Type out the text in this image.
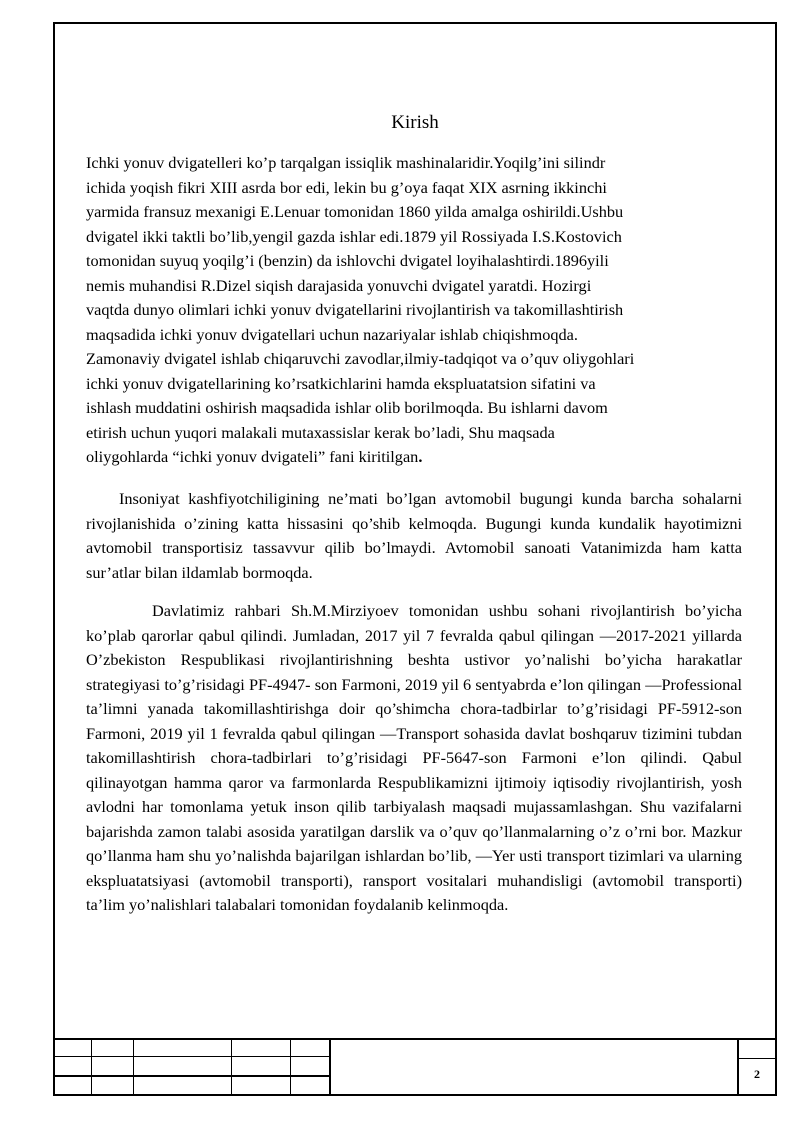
Kirish

Ichki yonuv dvigatelleri ko’p tarqalgan issiqlik mashinalaridir.Yoqilg’ini silindr
ichida yoqish fikri XIII asrda bor edi, lekin bu g’oya faqat XIX asrning ikkinchi
yarmida fransuz mexanigi E.Lenuar tomonidan 1860 yilda amalga oshirildi.Ushbu
dvigatel ikki taktli bo’lib,yengil gazda ishlar edi.1879 yil Rossiyada I.S.Kostovich
tomonidan suyuq yoqilg’i (benzin) da ishlovchi dvigatel loyihalashtirdi.1896yili
nemis muhandisi R.Dizel siqish darajasida yonuvchi dvigatel yaratdi. Hozirgi
vaqtda dunyo olimlari ichki yonuv dvigatellarini rivojlantirish va takomillashtirish
maqsadida ichki yonuv dvigatellari uchun nazariyalar ishlab chiqishmoqda.
Zamonaviy dvigatel ishlab chiqaruvchi zavodlar,ilmiy-tadqiqot va o’quv oliygohlari
ichki yonuv dvigatellarining ko’rsatkichlarini hamda ekspluatatsion sifatini va
ishlash muddatini oshirish maqsadida ishlar olib borilmoqda. Bu ishlarni davom
etirish uchun yuqori malakali mutaxassislar kerak bo’ladi, Shu maqsada
oliygohlarda “ichki yonuv dvigateli” fani kiritilgan.

Insoniyat kashfiyotchiligining ne’mati bo’lgan avtomobil bugungi kunda barcha sohalarni rivojlanishida o’zining katta hissasini qo’shib kelmoqda. Bugungi kunda kundalik hayotimizni avtomobil transportisiz tassavvur qilib bo’lmaydi. Avtomobil sanoati Vatanimizda ham katta sur’atlar bilan ildamlab bormoqda.

Davlatimiz rahbari Sh.M.Mirziyoev tomonidan ushbu sohani rivojlantirish bo’yicha ko’plab qarorlar qabul qilindi. Jumladan, 2017 yil 7 fevralda qabul qilingan ―2017-2021 yillarda O’zbekiston Respublikasi rivojlantirishning beshta ustivor yo’nalishi bo’yicha harakatlar strategiyasi to’g’risidagi PF-4947- son Farmoni, 2019 yil 6 sentyabrda e’lon qilingan ―Professional ta’limni yanada takomillashtirishga doir qo’shimcha chora-tadbirlar to’g’risidagi PF-5912-son Farmoni, 2019 yil 1 fevralda qabul qilingan ―Transport sohasida davlat boshqaruv tizimini tubdan takomillashtirish chora-tadbirlari to’g’risidagi PF-5647-son Farmoni e’lon qilindi. Qabul qilinayotgan hamma qaror va farmonlarda Respublikamizni ijtimoiy iqtisodiy rivojlantirish, yosh avlodni har tomonlama yetuk inson qilib tarbiyalash maqsadi mujassamlashgan. Shu vazifalarni bajarishda zamon talabi asosida yaratilgan darslik va o’quv qo’llanmalarning o’z o’rni bor. Mazkur qo’llanma ham shu yo’nalishda bajarilgan ishlardan bo’lib, ―Yer usti transport tizimlari va ularning ekspluatatsiyasi (avtomobil transporti), ransport vositalari muhandisligi (avtomobil transporti) ta’lim yo’nalishlari talabalari tomonidan foydalanib kelinmoqda.

2
